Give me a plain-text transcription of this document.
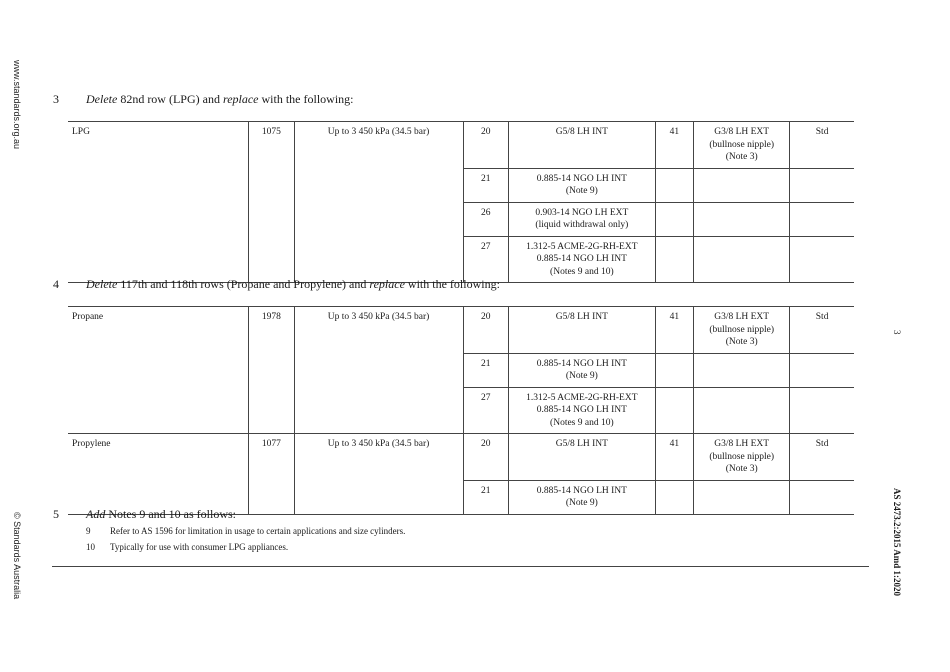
www.standards.org.au
© Standards Australia
3
AS 2473.2:2015 Amd 1:2020
3 Delete 82nd row (LPG) and replace with the following:
LPG	1075	Up to 3 450 kPa (34.5 bar)	20	G5/8 LH INT	41	G3/8 LH EXT
(bullnose nipple)
(Note 3)	Std
			21	0.885-14 NGO LH INT
(Note 9)			
			26	0.903-14 NGO LH EXT
(liquid withdrawal only)			
			27	1.312-5 ACME-2G-RH-EXT
0.885-14 NGO LH INT
(Notes 9 and 10)			
4 Delete 117th and 118th rows (Propane and Propylene) and replace with the following:
Propane	1978	Up to 3 450 kPa (34.5 bar)	20	G5/8 LH INT	41	G3/8 LH EXT
(bullnose nipple)
(Note 3)	Std
			21	0.885-14 NGO LH INT
(Note 9)			
			27	1.312-5 ACME-2G-RH-EXT
0.885-14 NGO LH INT
(Notes 9 and 10)			
Propylene	1077	Up to 3 450 kPa (34.5 bar)	20	G5/8 LH INT	41	G3/8 LH EXT
(bullnose nipple)
(Note 3)	Std
			21	0.885-14 NGO LH INT
(Note 9)			
5 Add Notes 9 and 10 as follows:
9 Refer to AS 1596 for limitation in usage to certain applications and size cylinders.
10 Typically for use with consumer LPG appliances.
